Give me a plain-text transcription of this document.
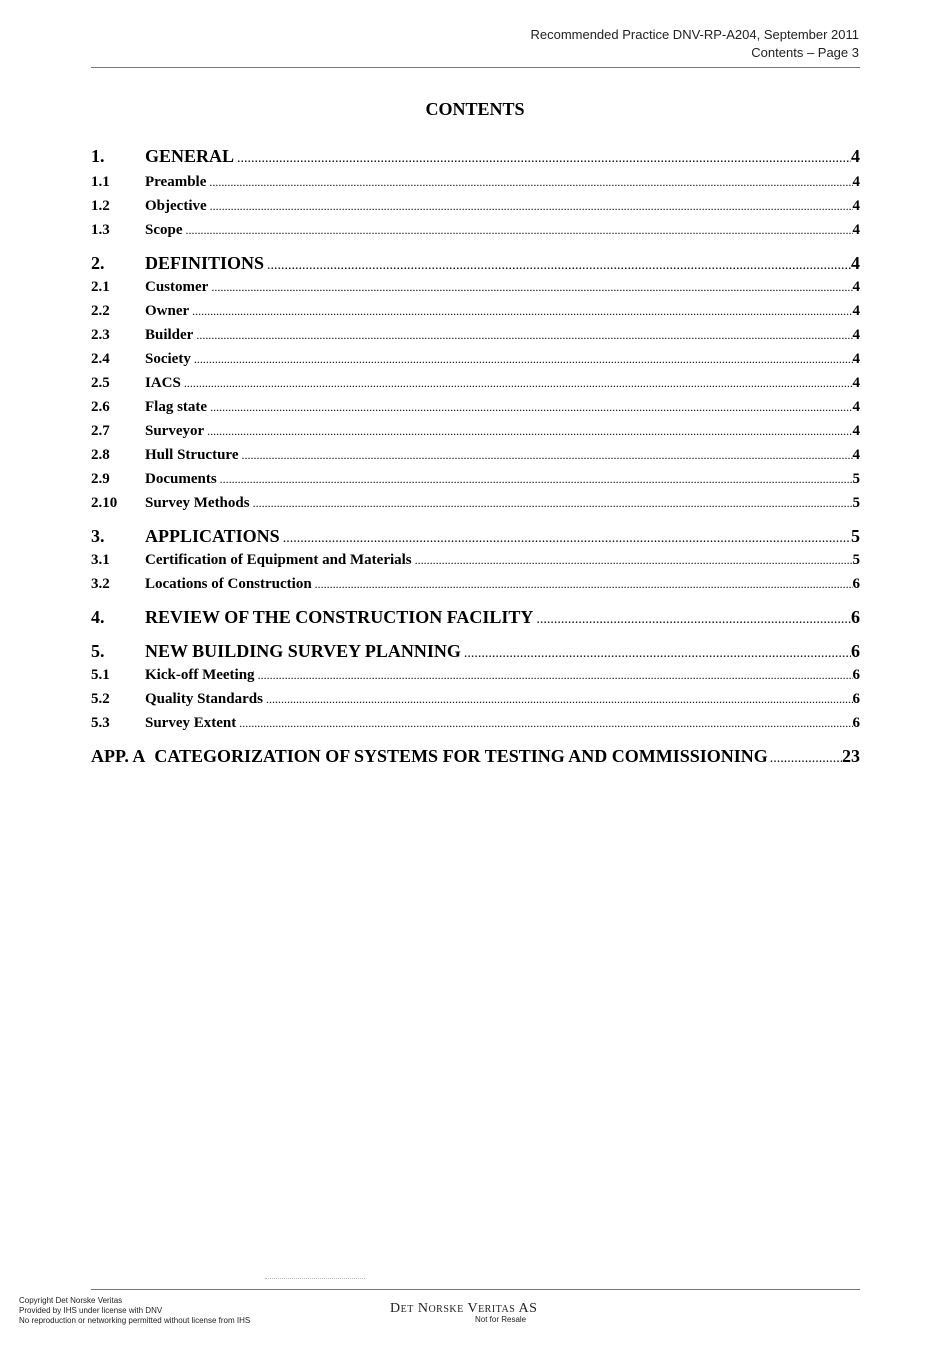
Recommended Practice DNV-RP-A204, September 2011
Contents – Page 3
CONTENTS
1.	GENERAL .....	4
1.1	Preamble .....	4
1.2	Objective .....	4
1.3	Scope .....	4
2.	DEFINITIONS .....	4
2.1	Customer .....	4
2.2	Owner .....	4
2.3	Builder .....	4
2.4	Society .....	4
2.5	IACS .....	4
2.6	Flag state .....	4
2.7	Surveyor .....	4
2.8	Hull Structure .....	4
2.9	Documents .....	5
2.10	Survey Methods .....	5
3.	APPLICATIONS .....	5
3.1	Certification of Equipment and Materials .....	5
3.2	Locations of Construction .....	6
4.	REVIEW OF THE CONSTRUCTION FACILITY .....	6
5.	NEW BUILDING SURVEY PLANNING .....	6
5.1	Kick-off Meeting .....	6
5.2	Quality Standards .....	6
5.3	Survey Extent .....	6
APP. A CATEGORIZATION OF SYSTEMS FOR TESTING AND COMMISSIONING .....	23
Copyright Det Norske Veritas
Provided by IHS under license with DNV
No reproduction or networking permitted without license from IHS
Det Norske Veritas AS
Not for Resale
